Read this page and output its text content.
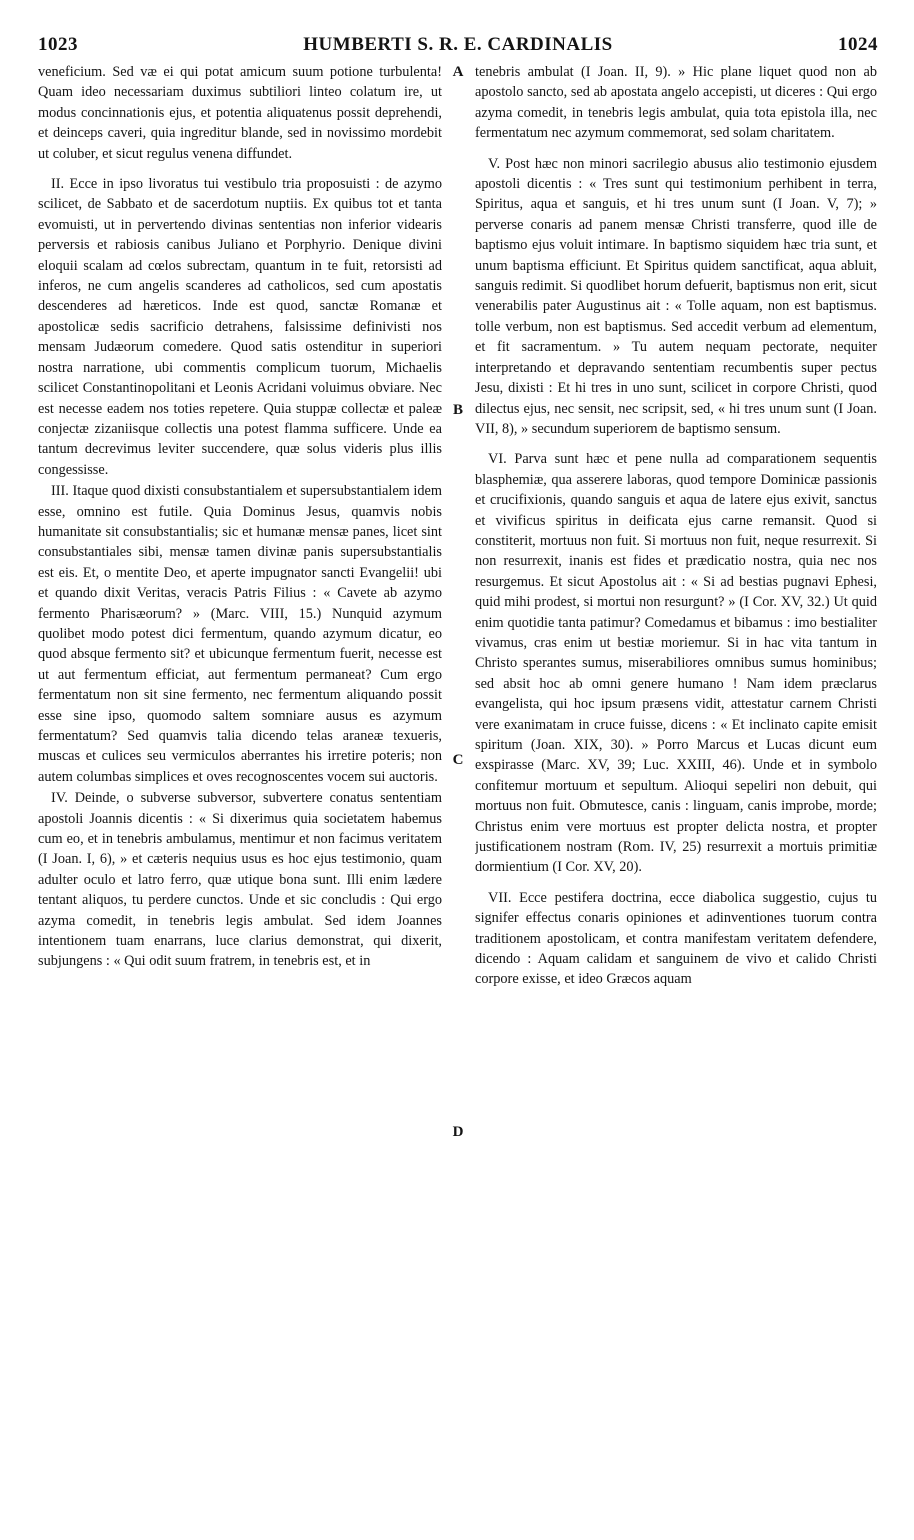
1023	HUMBERTI S. R. E. CARDINALIS	1024

veneficium. Sed væ ei qui potat amicum suum potione turbulenta! Quam ideo necessariam duximus subtiliori linteo colatum ire, ut modus concinnationis ejus, et potentia aliquatenus possit deprehendi, et deinceps caveri, quia ingreditur blande, sed in novissimo mordebit ut coluber, et sicut regulus venena diffundet.

II. Ecce in ipso livoratus tui vestibulo tria proposuisti : de azymo scilicet, de Sabbato et de sacerdotum nuptiis. Ex quibus tot et tanta evomuisti, ut in pervertendo divinas sententias non inferior videaris perversis et rabiosis canibus Juliano et Porphyrio. Denique divini eloquii scalam ad cœlos subrectam, quantum in te fuit, retorsisti ad inferos, ne cum angelis scanderes ad catholicos, sed cum apostatis descenderes ad hæreticos. Inde est quod, sanctæ Romanæ et apostolicæ sedis sacrificio detrahens, falsissime definivisti nos mensam Judæorum comedere. Quod satis ostenditur in superiori nostra narratione, ubi commentis complicum tuorum, Michaelis scilicet Constantinopolitani et Leonis Acridani voluimus obviare. Nec est necesse eadem nos toties repetere. Quia stuppæ collectæ et paleæ conjectæ zizaniisque collectis una potest flamma sufficere. Unde ea tantum decrevimus leviter succendere, quæ solus videris plus illis congessisse.

III. Itaque quod dixisti consubstantialem et supersubstantialem idem esse, omnino est futile. Quia Dominus Jesus, quamvis nobis humanitate sit consubstantialis; sic et humanæ mensæ panes, licet sint consubstantiales sibi, mensæ tamen divinæ panis supersubstantialis est eis. Et, o mentite Deo, et aperte impugnator sancti Evangelii! ubi et quando dixit Veritas, veracis Patris Filius : « Cavete ab azymo fermento Pharisæorum? » (Marc. VIII, 15.) Nunquid azymum quolibet modo potest dici fermentum, quando azymum dicatur, eo quod absque fermento sit? et ubicunque fermentum fuerit, necesse est ut aut fermentum efficiat, aut fermentum permaneat? Cum ergo fermentatum non sit sine fermento, nec fermentum aliquando possit esse sine ipso, quomodo saltem somniare ausus es azymum fermentatum? Sed quamvis talia dicendo telas araneæ texueris, muscas et culices seu vermiculos aberrantes his irretire poteris; non autem columbas simplices et oves recognoscentes vocem sui auctoris.

IV. Deinde, o subverse subversor, subvertere conatus sententiam apostoli Joannis dicentis : « Si dixerimus quia societatem habemus cum eo, et in tenebris ambulamus, mentimur et non facimus veritatem (I Joan. I, 6), » et cæteris nequius usus es hoc ejus testimonio, quam adulter oculo et latro ferro, quæ utique bona sunt. Illi enim lædere tentant aliquos, tu perdere cunctos. Unde et sic concludis : Qui ergo azyma comedit, in tenebris legis ambulat. Sed idem Joannes intentionem tuam enarrans, luce clarius demonstrat, qui dixerit, subjungens : « Qui odit suum fratrem, in tenebris est, et in

A
B
C
D

tenebris ambulat (I Joan. II, 9). » Hic plane liquet quod non ab apostolo sancto, sed ab apostata angelo accepisti, ut diceres : Qui ergo azyma comedit, in tenebris legis ambulat, quia tota epistola illa, nec fermentatum nec azymum commemorat, sed solam charitatem.

V. Post hæc non minori sacrilegio abusus alio testimonio ejusdem apostoli dicentis : « Tres sunt qui testimonium perhibent in terra, Spiritus, aqua et sanguis, et hi tres unum sunt (I Joan. V, 7); » perverse conaris ad panem mensæ Christi transferre, quod ille de baptismo ejus voluit intimare. In baptismo siquidem hæc tria sunt, et unum baptisma efficiunt. Et Spiritus quidem sanctificat, aqua abluit, sanguis redimit. Si quodlibet horum defuerit, baptismus non erit, sicut venerabilis pater Augustinus ait : « Tolle aquam, non est baptismus. tolle verbum, non est baptismus. Sed accedit verbum ad elementum, et fit sacramentum. » Tu autem nequam pectorate, nequiter interpretando et depravando sententiam recumbentis super pectus Jesu, dixisti : Et hi tres in uno sunt, scilicet in corpore Christi, quod dilectus ejus, nec sensit, nec scripsit, sed, « hi tres unum sunt (I Joan. VII, 8), » secundum superiorem de baptismo sensum.

VI. Parva sunt hæc et pene nulla ad comparationem sequentis blasphemiæ, qua asserere laboras, quod tempore Dominicæ passionis et crucifixionis, quando sanguis et aqua de latere ejus exivit, sanctus et vivificus spiritus in deificata ejus carne remansit. Quod si constiterit, mortuus non fuit. Si mortuus non fuit, neque resurrexit. Si non resurrexit, inanis est fides et prædicatio nostra, quia nec nos resurgemus. Et sicut Apostolus ait : « Si ad bestias pugnavi Ephesi, quid mihi prodest, si mortui non resurgunt? » (I Cor. XV, 32.) Ut quid enim quotidie tanta patimur? Comedamus et bibamus : imo bestialiter vivamus, cras enim ut bestiæ moriemur. Si in hac vita tantum in Christo sperantes sumus, miserabiliores omnibus sumus hominibus; sed absit hoc ab omni genere humano ! Nam idem præclarus evangelista, qui hoc ipsum præsens vidit, attestatur carnem Christi vere exanimatam in cruce fuisse, dicens : « Et inclinato capite emisit spiritum (Joan. XIX, 30). » Porro Marcus et Lucas dicunt eum exspirasse (Marc. XV, 39; Luc. XXIII, 46). Unde et in symbolo confitemur mortuum et sepultum. Alioqui sepeliri non debuit, qui mortuus non fuit. Obmutesce, canis : linguam, canis improbe, morde; Christus enim vere mortuus est propter delicta nostra, et propter justificationem nostram (Rom. IV, 25) resurrexit a mortuis primitiæ dormientium (I Cor. XV, 20).

VII. Ecce pestifera doctrina, ecce diabolica suggestio, cujus tu signifer effectus conaris opiniones et adinventiones tuorum contra traditionem apostolicam, et contra manifestam veritatem defendere, dicendo : Aquam calidam et sanguinem de vivo et calido Christi corpore exisse, et ideo Græcos aquam
